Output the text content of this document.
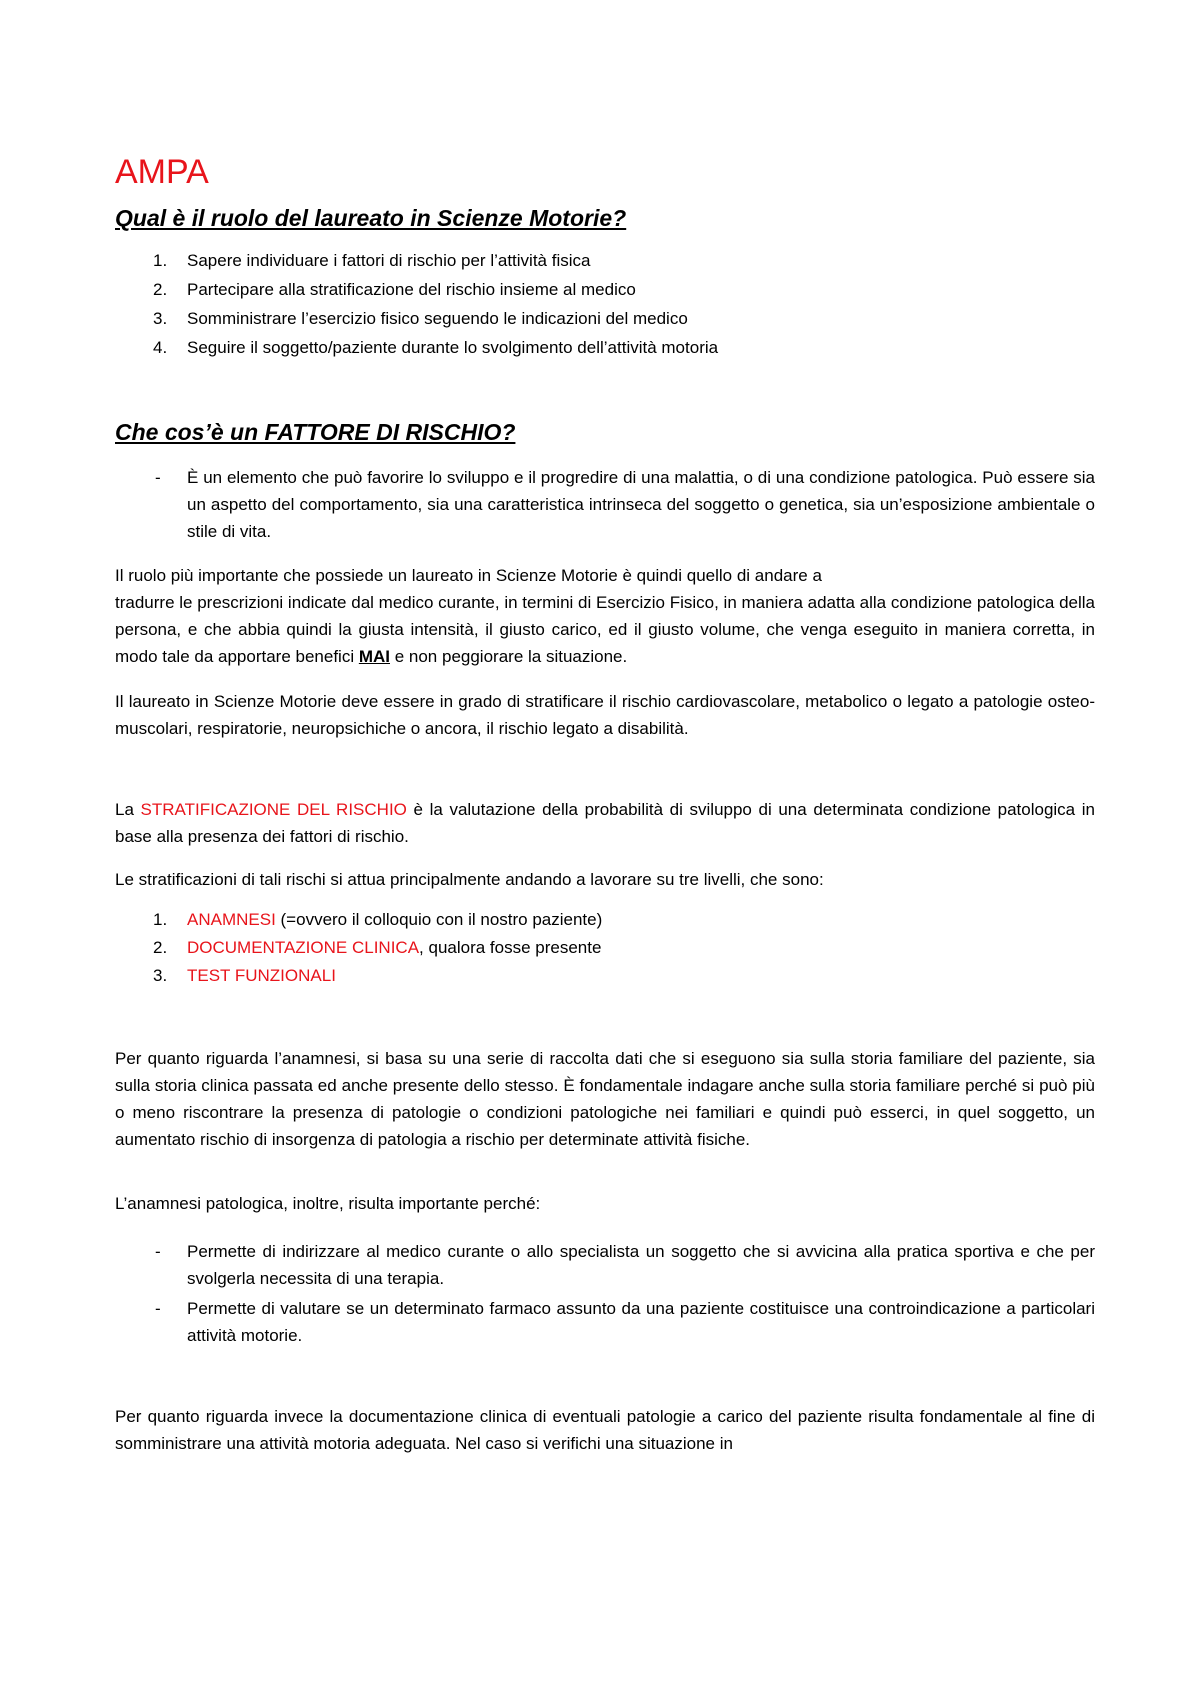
AMPA
Qual è il ruolo del laureato in Scienze Motorie?
1.	Sapere individuare i fattori di rischio per l’attività fisica
2.	Partecipare alla stratificazione del rischio insieme al medico
3.	Somministrare l’esercizio fisico seguendo le indicazioni del medico
4.	Seguire il soggetto/paziente durante lo svolgimento dell’attività motoria
Che cos’è un FATTORE DI RISCHIO?
-	È un elemento che può favorire lo sviluppo e il progredire di una malattia, o di una condizione patologica. Può essere sia un aspetto del comportamento, sia una caratteristica intrinseca del soggetto o genetica, sia un’esposizione ambientale o stile di vita.
Il ruolo più importante che possiede un laureato in Scienze Motorie è quindi quello di andare a
tradurre le prescrizioni indicate dal medico curante, in termini di Esercizio Fisico, in maniera adatta alla condizione patologica della persona, e che abbia quindi la giusta intensità, il giusto carico, ed il giusto volume, che venga eseguito in maniera corretta, in modo tale da apportare benefici MAI e non peggiorare la situazione.
Il laureato in Scienze Motorie deve essere in grado di stratificare il rischio cardiovascolare, metabolico o legato a patologie osteo-muscolari, respiratorie, neuropsichiche o ancora, il rischio legato a disabilità.
La STRATIFICAZIONE DEL RISCHIO è la valutazione della probabilità di sviluppo di una determinata condizione patologica in base alla presenza dei fattori di rischio.
Le stratificazioni di tali rischi si attua principalmente andando a lavorare su tre livelli, che sono:
1.	ANAMNESI (=ovvero il colloquio con il nostro paziente)
2.	DOCUMENTAZIONE CLINICA, qualora fosse presente
3.	TEST FUNZIONALI
Per quanto riguarda l’anamnesi, si basa su una serie di raccolta dati che si eseguono sia sulla storia familiare del paziente, sia sulla storia clinica passata ed anche presente dello stesso. È fondamentale indagare anche sulla storia familiare perché si può più o meno riscontrare la presenza di patologie o condizioni patologiche nei familiari e quindi può esserci, in quel soggetto, un aumentato rischio di insorgenza di patologia a rischio per determinate attività fisiche.
L’anamnesi patologica, inoltre, risulta importante perché:
-	Permette di indirizzare al medico curante o allo specialista un soggetto che si avvicina alla pratica sportiva e che per svolgerla necessita di una terapia.
-	Permette di valutare se un determinato farmaco assunto da una paziente costituisce una controindicazione a particolari attività motorie.
Per quanto riguarda invece la documentazione clinica di eventuali patologie a carico del paziente risulta fondamentale al fine di somministrare una attività motoria adeguata. Nel caso si verifichi una situazione in
